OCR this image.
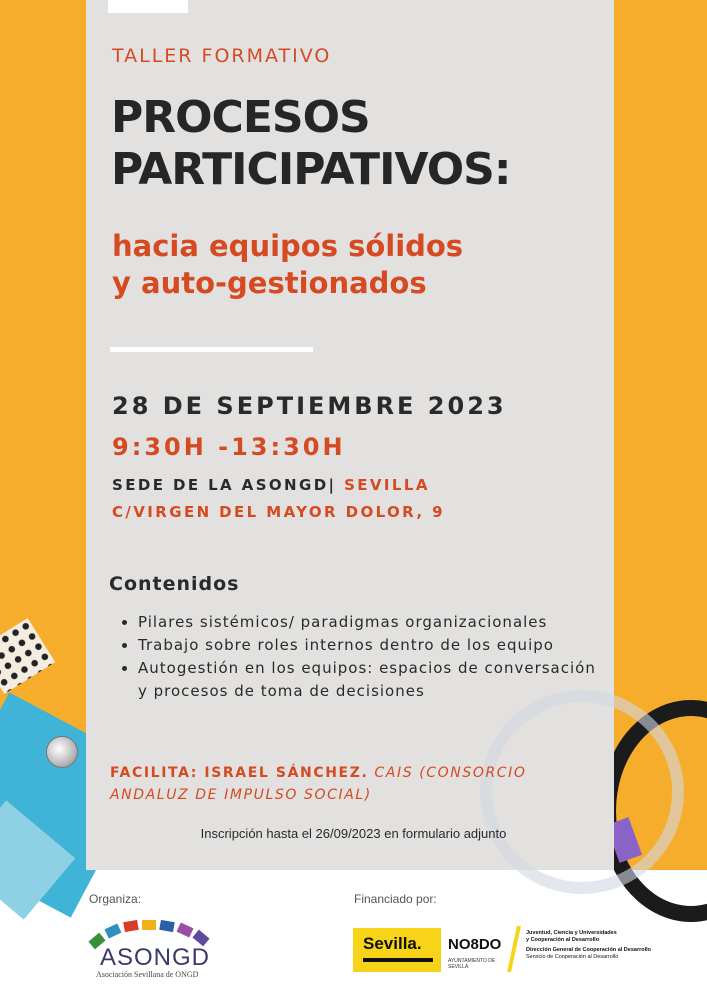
TALLER FORMATIVO
PROCESOS
PARTICIPATIVOS:
hacia equipos sólidos
y auto-gestionados
28 DE SEPTIEMBRE 2023
9:30H -13:30H
SEDE DE LA ASONGD| SEVILLA
C/VIRGEN DEL MAYOR DOLOR, 9
Contenidos
• Pilares sistémicos/ paradigmas organizacionales
• Trabajo sobre roles internos dentro de los equipo
• Autogestión en los equipos: espacios de conversación y procesos de toma de decisiones
FACILITA: ISRAEL SÁNCHEZ. CAIS (CONSORCIO ANDALUZ DE IMPULSO SOCIAL)
Inscripción hasta el 26/09/2023 en formulario adjunto
Organiza:	Financiado por:
ASONGD
Asociación Sevillana de ONGD
Sevilla. NO8DO
AYUNTAMIENTO DE SEVILLA
Juventud, Ciencia y Universidades
y Cooperación al Desarrollo
Dirección General de Cooperación al Desarrollo
Servicio de Cooperación al Desarrollo
